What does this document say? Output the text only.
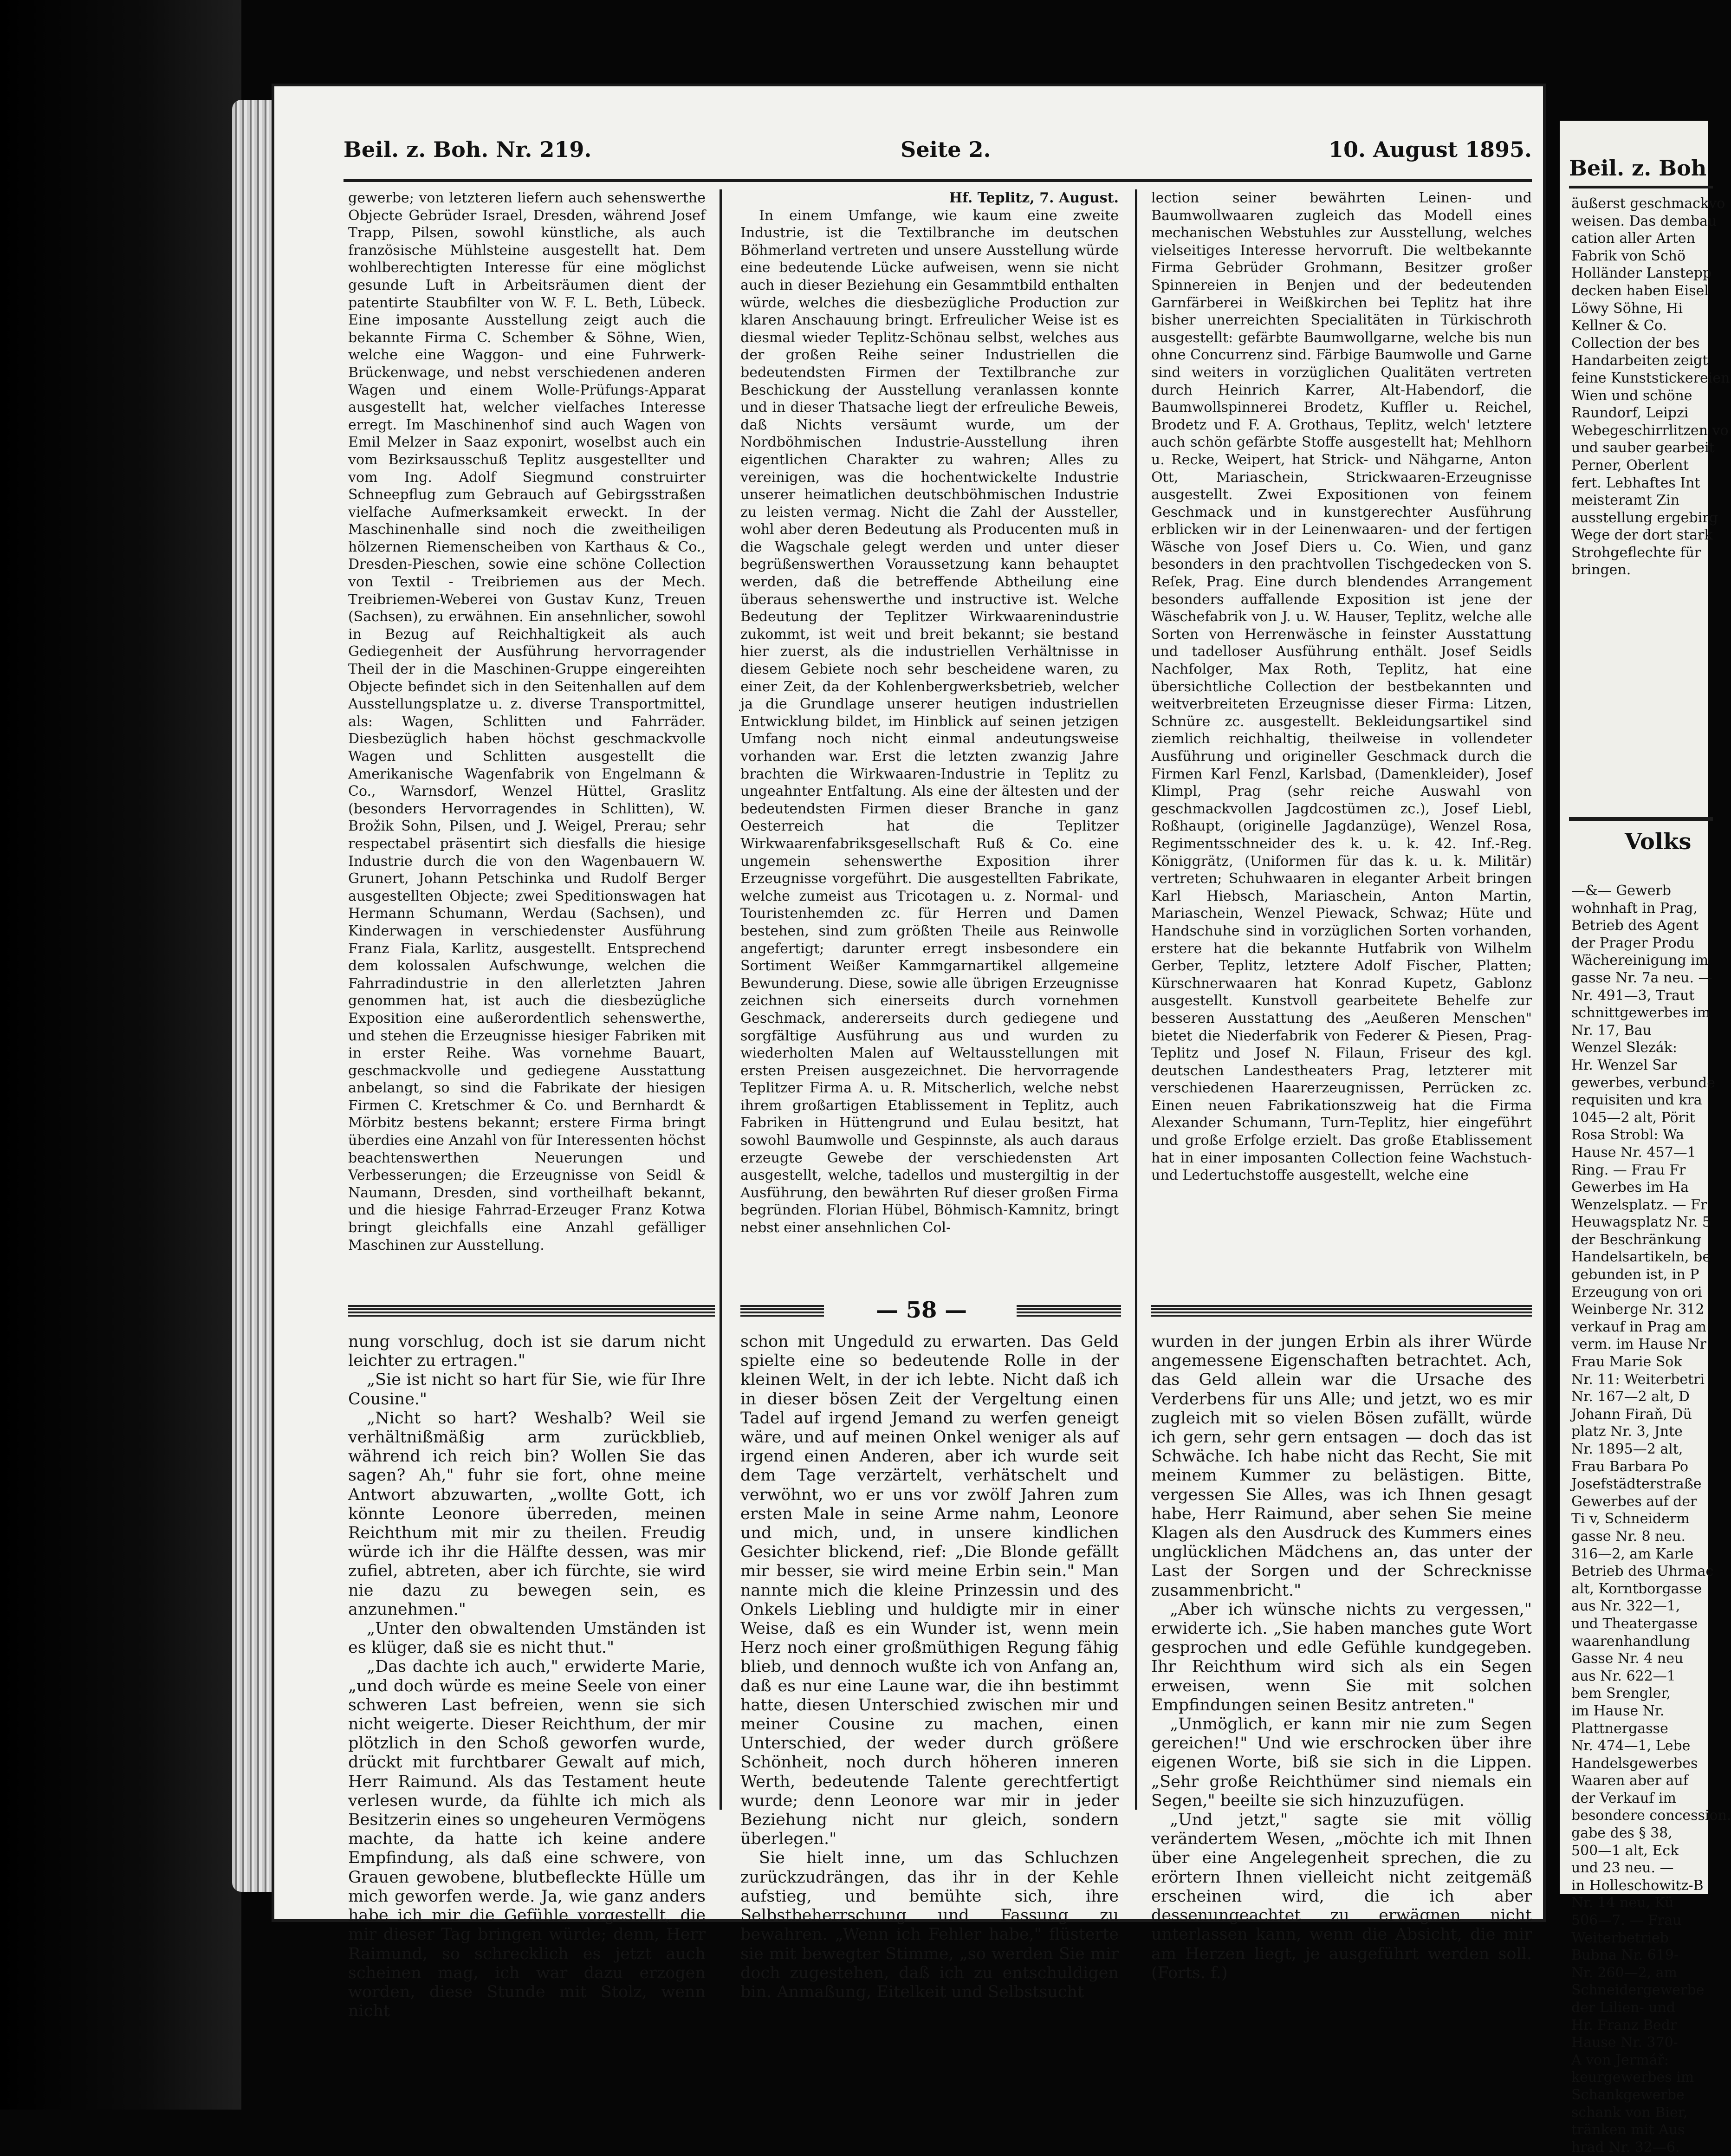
Beil. z. Boh. Nr. 219.	Seite 2.	10. August 1895.

gewerbe; von letzteren liefern auch sehenswerthe Objecte Gebrüder Israel, Dresden, während Josef Trapp, Pilsen, sowohl künstliche, als auch französische Mühlsteine ausgestellt hat. Dem wohlberechtigten Interesse für eine möglichst gesunde Luft in Arbeitsräumen dient der patentirte Staubfilter von W. F. L. Beth, Lübeck. Eine imposante Ausstellung zeigt auch die bekannte Firma C. Schember & Söhne, Wien, welche eine Waggon- und eine Fuhrwerk-Brückenwage, und nebst verschiedenen anderen Wagen und einem Wolle-Prüfungs-Apparat ausgestellt hat, welcher vielfaches Interesse erregt. Im Maschinenhof sind auch Wagen von Emil Melzer in Saaz exponirt, woselbst auch ein vom Bezirksausschuß Teplitz ausgestellter und vom Ing. Adolf Siegmund construirter Schneepflug zum Gebrauch auf Gebirgsstraßen vielfache Aufmerksamkeit erweckt. In der Maschinenhalle sind noch die zweitheiligen hölzernen Riemenscheiben von Karthaus & Co., Dresden-Pieschen, sowie eine schöne Collection von Textil - Treibriemen aus der Mech. Treibriemen-Weberei von Gustav Kunz, Treuen (Sachsen), zu erwähnen. Ein ansehnlicher, sowohl in Bezug auf Reichhaltigkeit als auch Gediegenheit der Ausführung hervorragender Theil der in die Maschinen-Gruppe eingereihten Objecte befindet sich in den Seitenhallen auf dem Ausstellungsplatze u. z. diverse Transportmittel, als: Wagen, Schlitten und Fahrräder. Diesbezüglich haben höchst geschmackvolle Wagen und Schlitten ausgestellt die Amerikanische Wagenfabrik von Engelmann & Co., Warnsdorf, Wenzel Hüttel, Graslitz (besonders Hervorragendes in Schlitten), W. Brožik Sohn, Pilsen, und J. Weigel, Prerau; sehr respectabel präsentirt sich diesfalls die hiesige Industrie durch die von den Wagenbauern W. Grunert, Johann Petschinka und Rudolf Berger ausgestellten Objecte; zwei Speditionswagen hat Hermann Schumann, Werdau (Sachsen), und Kinderwagen in verschiedenster Ausführung Franz Fiala, Karlitz, ausgestellt. Entsprechend dem kolossalen Aufschwunge, welchen die Fahrradindustrie in den allerletzten Jahren genommen hat, ist auch die diesbezügliche Exposition eine außerordentlich sehenswerthe, und stehen die Erzeugnisse hiesiger Fabriken mit in erster Reihe. Was vornehme Bauart, geschmackvolle und gediegene Ausstattung anbelangt, so sind die Fabrikate der hiesigen Firmen C. Kretschmer & Co. und Bernhardt & Mörbitz bestens bekannt; erstere Firma bringt überdies eine Anzahl von für Interessenten höchst beachtenswerthen Neuerungen und Verbesserungen; die Erzeugnisse von Seidl & Naumann, Dresden, sind vortheilhaft bekannt, und die hiesige Fahrrad-Erzeuger Franz Kotwa bringt gleichfalls eine Anzahl gefälliger Maschinen zur Ausstellung.

Hf. Teplitz, 7. August.

In einem Umfange, wie kaum eine zweite Industrie, ist die Textilbranche im deutschen Böhmerland vertreten und unsere Ausstellung würde eine bedeutende Lücke aufweisen, wenn sie nicht auch in dieser Beziehung ein Gesammtbild enthalten würde, welches die diesbezügliche Production zur klaren Anschauung bringt. Erfreulicher Weise ist es diesmal wieder Teplitz-Schönau selbst, welches aus der großen Reihe seiner Industriellen die bedeutendsten Firmen der Textilbranche zur Beschickung der Ausstellung veranlassen konnte und in dieser Thatsache liegt der erfreuliche Beweis, daß Nichts versäumt wurde, um der Nordböhmischen Industrie-Ausstellung ihren eigentlichen Charakter zu wahren; Alles zu vereinigen, was die hochentwickelte Industrie unserer heimatlichen deutschböhmischen Industrie zu leisten vermag. Nicht die Zahl der Aussteller, wohl aber deren Bedeutung als Producenten muß in die Wagschale gelegt werden und unter dieser begrüßenswerthen Voraussetzung kann behauptet werden, daß die betreffende Abtheilung eine überaus sehenswerthe und instructive ist. Welche Bedeutung der Teplitzer Wirkwaarenindustrie zukommt, ist weit und breit bekannt; sie bestand hier zuerst, als die industriellen Verhältnisse in diesem Gebiete noch sehr bescheidene waren, zu einer Zeit, da der Kohlenbergwerksbetrieb, welcher ja die Grundlage unserer heutigen industriellen Entwicklung bildet, im Hinblick auf seinen jetzigen Umfang noch nicht einmal andeutungsweise vorhanden war. Erst die letzten zwanzig Jahre brachten die Wirkwaaren-Industrie in Teplitz zu ungeahnter Entfaltung. Als eine der ältesten und der bedeutendsten Firmen dieser Branche in ganz Oesterreich hat die Teplitzer Wirkwaarenfabriksgesellschaft Ruß & Co. eine ungemein sehenswerthe Exposition ihrer Erzeugnisse vorgeführt. Die ausgestellten Fabrikate, welche zumeist aus Tricotagen u. z. Normal- und Touristenhemden zc. für Herren und Damen bestehen, sind zum größten Theile aus Reinwolle angefertigt; darunter erregt insbesondere ein Sortiment Weißer Kammgarnartikel allgemeine Bewunderung. Diese, sowie alle übrigen Erzeugnisse zeichnen sich einerseits durch vornehmen Geschmack, andererseits durch gediegene und sorgfältige Ausführung aus und wurden zu wiederholten Malen auf Weltausstellungen mit ersten Preisen ausgezeichnet. Die hervorragende Teplitzer Firma A. u. R. Mitscherlich, welche nebst ihrem großartigen Etablissement in Teplitz, auch Fabriken in Hüttengrund und Eulau besitzt, hat sowohl Baumwolle und Gespinnste, als auch daraus erzeugte Gewebe der verschiedensten Art ausgestellt, welche, tadellos und mustergiltig in der Ausführung, den bewährten Ruf dieser großen Firma begründen. Florian Hübel, Böhmisch-Kamnitz, bringt nebst einer ansehnlichen Col-

lection seiner bewährten Leinen- und Baumwollwaaren zugleich das Modell eines mechanischen Webstuhles zur Ausstellung, welches vielseitiges Interesse hervorruft. Die weltbekannte Firma Gebrüder Grohmann, Besitzer großer Spinnereien in Benjen und der bedeutenden Garnfärberei in Weißkirchen bei Teplitz hat ihre bisher unerreichten Specialitäten in Türkischroth ausgestellt: gefärbte Baumwollgarne, welche bis nun ohne Concurrenz sind. Färbige Baumwolle und Garne sind weiters in vorzüglichen Qualitäten vertreten durch Heinrich Karrer, Alt-Habendorf, die Baumwollspinnerei Brodetz, Kuffler u. Reichel, Brodetz und F. A. Grothaus, Teplitz, welch' letztere auch schön gefärbte Stoffe ausgestellt hat; Mehlhorn u. Recke, Weipert, hat Strick- und Nähgarne, Anton Ott, Mariaschein, Strickwaaren-Erzeugnisse ausgestellt. Zwei Expositionen von feinem Geschmack und in kunstgerechter Ausführung erblicken wir in der Leinenwaaren- und der fertigen Wäsche von Josef Diers u. Co. Wien, und ganz besonders in den prachtvollen Tischgedecken von S. Reſek, Prag. Eine durch blendendes Arrangement besonders auffallende Exposition ist jene der Wäschefabrik von J. u. W. Hauser, Teplitz, welche alle Sorten von Herrenwäsche in feinster Ausstattung und tadelloser Ausführung enthält. Josef Seidls Nachfolger, Max Roth, Teplitz, hat eine übersichtliche Collection der bestbekannten und weitverbreiteten Erzeugnisse dieser Firma: Litzen, Schnüre zc. ausgestellt. Bekleidungsartikel sind ziemlich reichhaltig, theilweise in vollendeter Ausführung und origineller Geschmack durch die Firmen Karl Fenzl, Karlsbad, (Damenkleider), Josef Klimpl, Prag (sehr reiche Auswahl von geschmackvollen Jagdcostümen zc.), Josef Liebl, Roßhaupt, (originelle Jagdanzüge), Wenzel Rosa, Regimentsschneider des k. u. k. 42. Inf.-Reg. Königgrätz, (Uniformen für das k. u. k. Militär) vertreten; Schuhwaaren in eleganter Arbeit bringen Karl Hiebsch, Mariaschein, Anton Martin, Mariaschein, Wenzel Piewack, Schwaz; Hüte und Handschuhe sind in vorzüglichen Sorten vorhanden, erstere hat die bekannte Hutfabrik von Wilhelm Gerber, Teplitz, letztere Adolf Fischer, Platten; Kürschnerwaaren hat Konrad Kupetz, Gablonz ausgestellt. Kunstvoll gearbeitete Behelfe zur besseren Ausstattung des „Aeußeren Menschen" bietet die Niederfabrik von Federer & Piesen, Prag-Teplitz und Josef N. Filaun, Friseur des kgl. deutschen Landestheaters Prag, letzterer mit verschiedenen Haarerzeugnissen, Perrücken zc. Einen neuen Fabrikationszweig hat die Firma Alexander Schumann, Turn-Teplitz, hier eingeführt und große Erfolge erzielt. Das große Etablissement hat in einer imposanten Collection feine Wachstuch- und Ledertuchstoffe ausgestellt, welche eine

— 58 —

nung vorschlug, doch ist sie darum nicht leichter zu ertragen."

„Sie ist nicht so hart für Sie, wie für Ihre Cousine."

„Nicht so hart? Weshalb? Weil sie verhältnißmäßig arm zurückblieb, während ich reich bin? Wollen Sie das sagen? Ah," fuhr sie fort, ohne meine Antwort abzuwarten, „wollte Gott, ich könnte Leonore überreden, meinen Reichthum mit mir zu theilen. Freudig würde ich ihr die Hälfte dessen, was mir zufiel, abtreten, aber ich fürchte, sie wird nie dazu zu bewegen sein, es anzunehmen."

„Unter den obwaltenden Umständen ist es klüger, daß sie es nicht thut."

„Das dachte ich auch," erwiderte Marie, „und doch würde es meine Seele von einer schweren Last befreien, wenn sie sich nicht weigerte. Dieser Reichthum, der mir plötzlich in den Schoß geworfen wurde, drückt mit furchtbarer Gewalt auf mich, Herr Raimund. Als das Testament heute verlesen wurde, da fühlte ich mich als Besitzerin eines so ungeheuren Vermögens machte, da hatte ich keine andere Empfindung, als daß eine schwere, von Grauen gewobene, blutbefleckte Hülle um mich geworfen werde. Ja, wie ganz anders habe ich mir die Gefühle vorgestellt, die mir dieser Tag bringen würde; denn, Herr Raimund, so schrecklich es jetzt auch scheinen mag, ich war dazu erzogen worden, diese Stunde mit Stolz, wenn nicht

schon mit Ungeduld zu erwarten. Das Geld spielte eine so bedeutende Rolle in der kleinen Welt, in der ich lebte. Nicht daß ich in dieser bösen Zeit der Vergeltung einen Tadel auf irgend Jemand zu werfen geneigt wäre, und auf meinen Onkel weniger als auf irgend einen Anderen, aber ich wurde seit dem Tage verzärtelt, verhätschelt und verwöhnt, wo er uns vor zwölf Jahren zum ersten Male in seine Arme nahm, Leonore und mich, und, in unsere kindlichen Gesichter blickend, rief: „Die Blonde gefällt mir besser, sie wird meine Erbin sein." Man nannte mich die kleine Prinzessin und des Onkels Liebling und huldigte mir in einer Weise, daß es ein Wunder ist, wenn mein Herz noch einer großmüthigen Regung fähig blieb, und dennoch wußte ich von Anfang an, daß es nur eine Laune war, die ihn bestimmt hatte, diesen Unterschied zwischen mir und meiner Cousine zu machen, einen Unterschied, der weder durch größere Schönheit, noch durch höheren inneren Werth, bedeutende Talente gerechtfertigt wurde; denn Leonore war mir in jeder Beziehung nicht nur gleich, sondern überlegen."

Sie hielt inne, um das Schluchzen zurückzudrängen, das ihr in der Kehle aufstieg, und bemühte sich, ihre Selbstbeherrschung und Fassung zu bewahren. „Wenn ich Fehler habe," flüsterte sie mit bewegter Stimme, „so werden Sie mir doch zugestehen, daß ich zu entschuldigen bin. Anmaßung, Eitelkeit und Selbstsucht

wurden in der jungen Erbin als ihrer Würde angemessene Eigenschaften betrachtet. Ach, das Geld allein war die Ursache des Verderbens für uns Alle; und jetzt, wo es mir zugleich mit so vielen Bösen zufällt, würde ich gern, sehr gern entsagen — doch das ist Schwäche. Ich habe nicht das Recht, Sie mit meinem Kummer zu belästigen. Bitte, vergessen Sie Alles, was ich Ihnen gesagt habe, Herr Raimund, aber sehen Sie meine Klagen als den Ausdruck des Kummers eines unglücklichen Mädchens an, das unter der Last der Sorgen und der Schrecknisse zusammenbricht."

„Aber ich wünsche nichts zu vergessen," erwiderte ich. „Sie haben manches gute Wort gesprochen und edle Gefühle kundgegeben. Ihr Reichthum wird sich als ein Segen erweisen, wenn Sie mit solchen Empfindungen seinen Besitz antreten."

„Unmöglich, er kann mir nie zum Segen gereichen!" Und wie erschrocken über ihre eigenen Worte, biß sie sich in die Lippen. „Sehr große Reichthümer sind niemals ein Segen," beeilte sie sich hinzuzufügen.

„Und jetzt," sagte sie mit völlig verändertem Wesen, „möchte ich mit Ihnen über eine Angelegenheit sprechen, die zu erörtern Ihnen vielleicht nicht zeitgemäß erscheinen wird, die ich aber dessenungeachtet zu erwägnen nicht unterlassen kann, wenn die Absicht, die mir am Herzen liegt, je ausgeführt werden soll. (Forts. f.)

Beil. z. Boh
äußerst geschmackvo
weisen. Das dembau
cation aller Arten
Fabrik von Schö
Holländer Lanstepp
decken haben Eisel
Löwy Söhne, Hi
Kellner & Co.
Collection der bes
Handarbeiten zeigt
feine Kunststickereien
Wien und schöne
Raundorf, Leipzi
Webegeschirrlitzen vo
und sauber gearbeit
Perner, Oberlent
fert. Lebhaftes Int
meisteramt Zin
ausstellung ergebirg
Wege der dort stark
Strohgeflechte für
bringen.
Volks
—&— Gewerb
wohnhaft in Prag,
Betrieb des Agent
der Prager Produ
Wächereinigung im
gasse Nr. 7a neu. —
Nr. 491—3, Traut
schnittgewerbes im
Nr. 17, Bau
Wenzel Slezák:
Hr. Wenzel Sar
gewerbes, verbunde
requisiten und kra
1045—2 alt, Pörit
Rosa Strobl: Wa
Hause Nr. 457—1
Ring. — Frau Fr
Gewerbes im Ha
Wenzelsplatz. — Fr
Heuwagsplatz Nr. 5
der Beschränkung
Handelsartikeln, be
gebunden ist, in P
Erzeugung von ori
Weinberge Nr. 312
verkauf in Prag am
verm. im Hause Nr
Frau Marie Sok
Nr. 11: Weiterbetri
Nr. 167—2 alt, D
Johann Firaň, Dü
platz Nr. 3, Jnte
Nr. 1895—2 alt,
Frau Barbara Po
Josefstädterstraße
Gewerbes auf der
Ti v, Schneiderm
gasse Nr. 8 neu.
316—2, am Karle
Betrieb des Uhrmac
alt, Korntborgasse
aus Nr. 322—1,
und Theatergasse
waarenhandlung
Gasse Nr. 4 neu
aus Nr. 622—1
bem Srengler,
im Hause Nr.
Plattnergasse
Nr. 474—1, Lebe
Handelsgewerbes
Waaren aber auf
der Verkauf im
besondere concession.
gabe des § 38,
500—1 alt, Eck
und 23 neu. —
in Holleschowitz-B
Nr. 14 neu, Kü
506—7. — Frau
Weiterbetrieb
Bubna Nr. 619-
Nr. 260—2, am
Schneidergewerbe
der Lilien- und
Hr. Franz Bedr
Hause Nr. 370-
A von Jermář:
keurgewerbes im
Schankgewerbe
schank von Bier,
tränken mit Aus
hrad Nr. 32—6.
